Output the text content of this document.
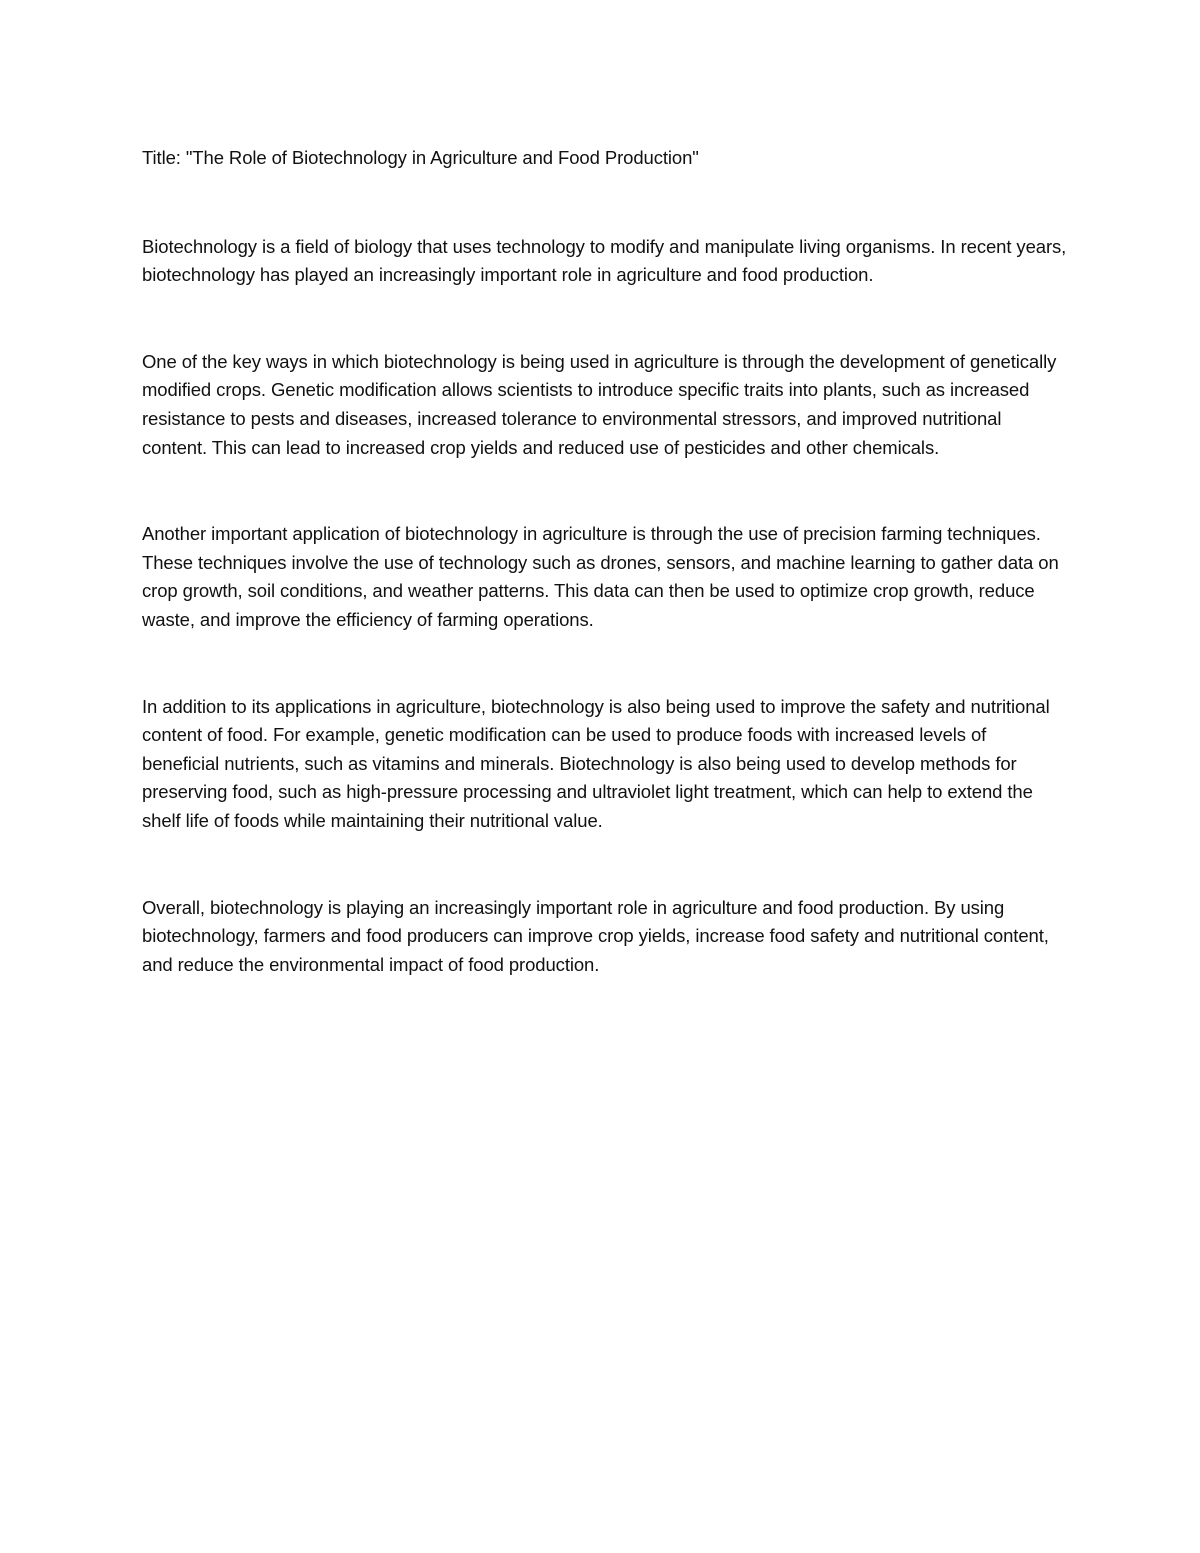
Title: "The Role of Biotechnology in Agriculture and Food Production"

Biotechnology is a field of biology that uses technology to modify and manipulate living organisms. In recent years, biotechnology has played an increasingly important role in agriculture and food production.

One of the key ways in which biotechnology is being used in agriculture is through the development of genetically modified crops. Genetic modification allows scientists to introduce specific traits into plants, such as increased resistance to pests and diseases, increased tolerance to environmental stressors, and improved nutritional content. This can lead to increased crop yields and reduced use of pesticides and other chemicals.

Another important application of biotechnology in agriculture is through the use of precision farming techniques. These techniques involve the use of technology such as drones, sensors, and machine learning to gather data on crop growth, soil conditions, and weather patterns. This data can then be used to optimize crop growth, reduce waste, and improve the efficiency of farming operations.

In addition to its applications in agriculture, biotechnology is also being used to improve the safety and nutritional content of food. For example, genetic modification can be used to produce foods with increased levels of beneficial nutrients, such as vitamins and minerals. Biotechnology is also being used to develop methods for preserving food, such as high-pressure processing and ultraviolet light treatment, which can help to extend the shelf life of foods while maintaining their nutritional value.

Overall, biotechnology is playing an increasingly important role in agriculture and food production. By using biotechnology, farmers and food producers can improve crop yields, increase food safety and nutritional content, and reduce the environmental impact of food production.
